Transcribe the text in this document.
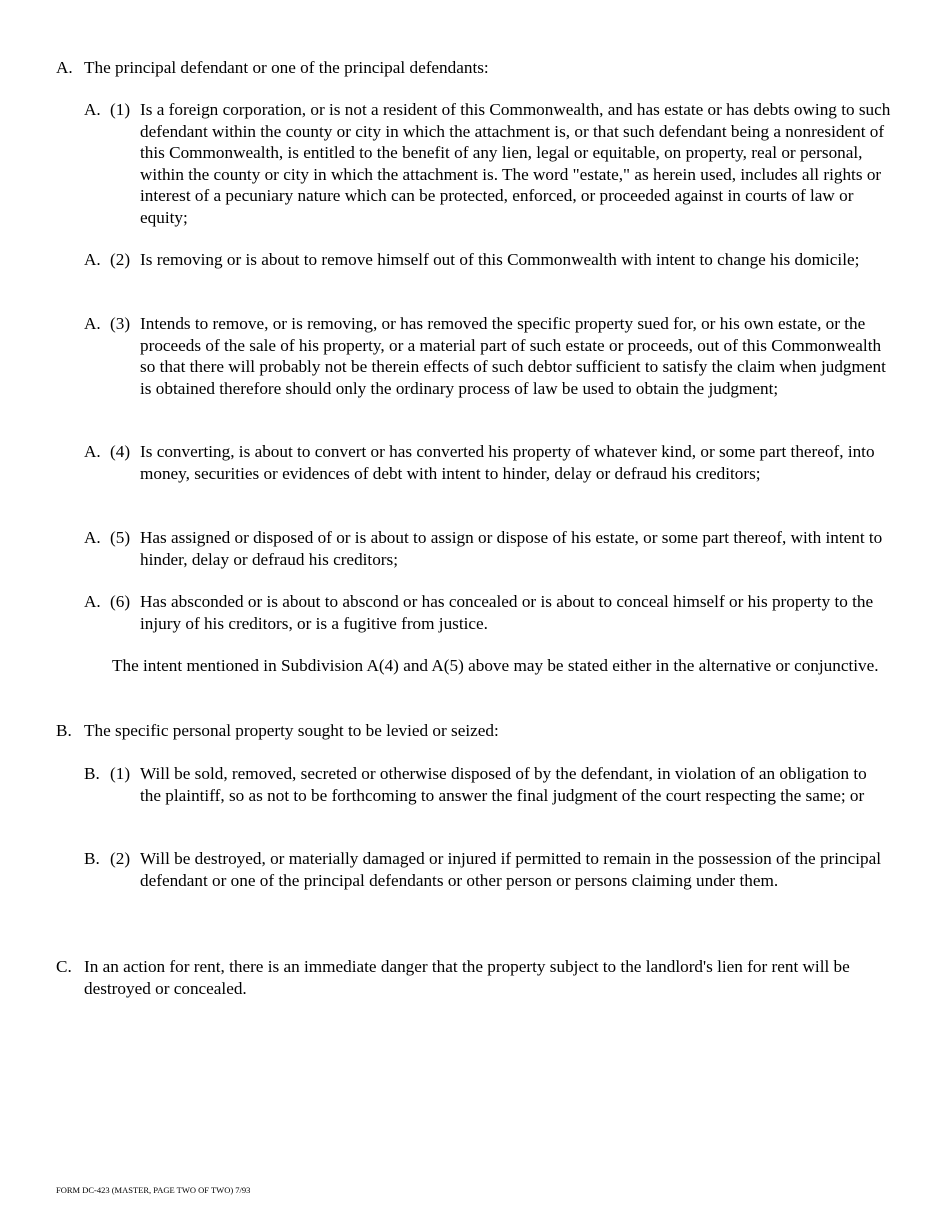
A. The principal defendant or one of the principal defendants:
A. (1) Is a foreign corporation, or is not a resident of this Commonwealth, and has estate or has debts owing to such defendant within the county or city in which the attachment is, or that such defendant being a nonresident of this Commonwealth, is entitled to the benefit of any lien, legal or equitable, on property, real or personal, within the county or city in which the attachment is. The word "estate," as herein used, includes all rights or interest of a pecuniary nature which can be protected, enforced, or proceeded against in courts of law or equity;
A. (2) Is removing or is about to remove himself out of this Commonwealth with intent to change his domicile;
A. (3) Intends to remove, or is removing, or has removed the specific property sued for, or his own estate, or the proceeds of the sale of his property, or a material part of such estate or proceeds, out of this Commonwealth so that there will probably not be therein effects of such debtor sufficient to satisfy the claim when judgment is obtained therefore should only the ordinary process of law be used to obtain the judgment;
A. (4) Is converting, is about to convert or has converted his property of whatever kind, or some part thereof, into money, securities or evidences of debt with intent to hinder, delay or defraud his creditors;
A. (5) Has assigned or disposed of or is about to assign or dispose of his estate, or some part thereof, with intent to hinder, delay or defraud his creditors;
A. (6) Has absconded or is about to abscond or has concealed or is about to conceal himself or his property to the injury of his creditors, or is a fugitive from justice.

The intent mentioned in Subdivision A(4) and A(5) above may be stated either in the alternative or conjunctive.

B. The specific personal property sought to be levied or seized:
B. (1) Will be sold, removed, secreted or otherwise disposed of by the defendant, in violation of an obligation to the plaintiff, so as not to be forthcoming to answer the final judgment of the court respecting the same; or
B. (2) Will be destroyed, or materially damaged or injured if permitted to remain in the possession of the principal defendant or one of the principal defendants or other person or persons claiming under them.
C. In an action for rent, there is an immediate danger that the property subject to the landlord's lien for rent will be destroyed or concealed.
FORM DC-423 (MASTER, PAGE TWO OF TWO) 7/93
